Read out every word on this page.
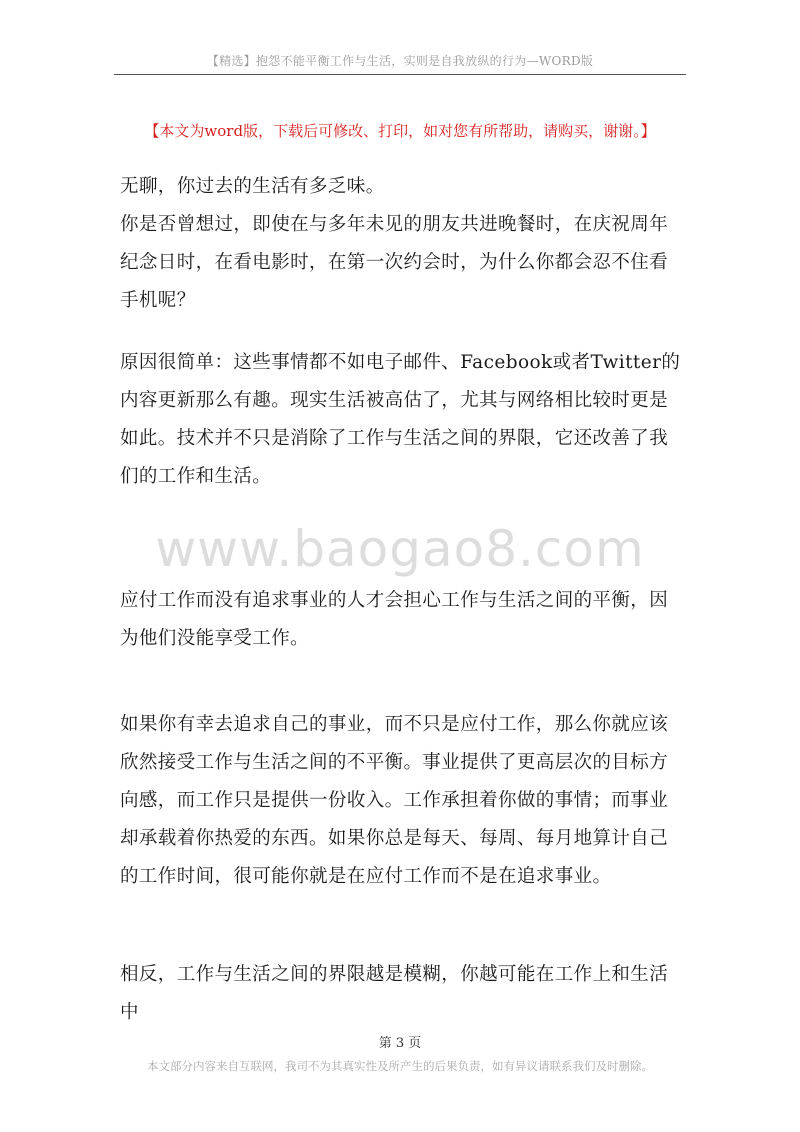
【精选】抱怨不能平衡工作与生活，实则是自我放纵的行为—WORD版
【本文为word版，下载后可修改、打印，如对您有所帮助，请购买，谢谢。】

无聊，你过去的生活有多乏味。

你是否曾想过，即使在与多年未见的朋友共进晚餐时，在庆祝周年纪念日时，在看电影时，在第一次约会时，为什么你都会忍不住看手机呢？

原因很简单：这些事情都不如电子邮件、Facebook或者Twitter的内容更新那么有趣。现实生活被高估了，尤其与网络相比较时更是如此。技术并不只是消除了工作与生活之间的界限，它还改善了我们的工作和生活。

www.baogao8.com

应付工作而没有追求事业的人才会担心工作与生活之间的平衡，因为他们没能享受工作。

如果你有幸去追求自己的事业，而不只是应付工作，那么你就应该欣然接受工作与生活之间的不平衡。事业提供了更高层次的目标方向感，而工作只是提供一份收入。工作承担着你做的事情；而事业却承载着你热爱的东西。如果你总是每天、每周、每月地算计自己的工作时间，很可能你就是在应付工作而不是在追求事业。

相反，工作与生活之间的界限越是模糊，你越可能在工作上和生活中

第 3 页
本文部分内容来自互联网，我司不为其真实性及所产生的后果负责，如有异议请联系我们及时删除。
